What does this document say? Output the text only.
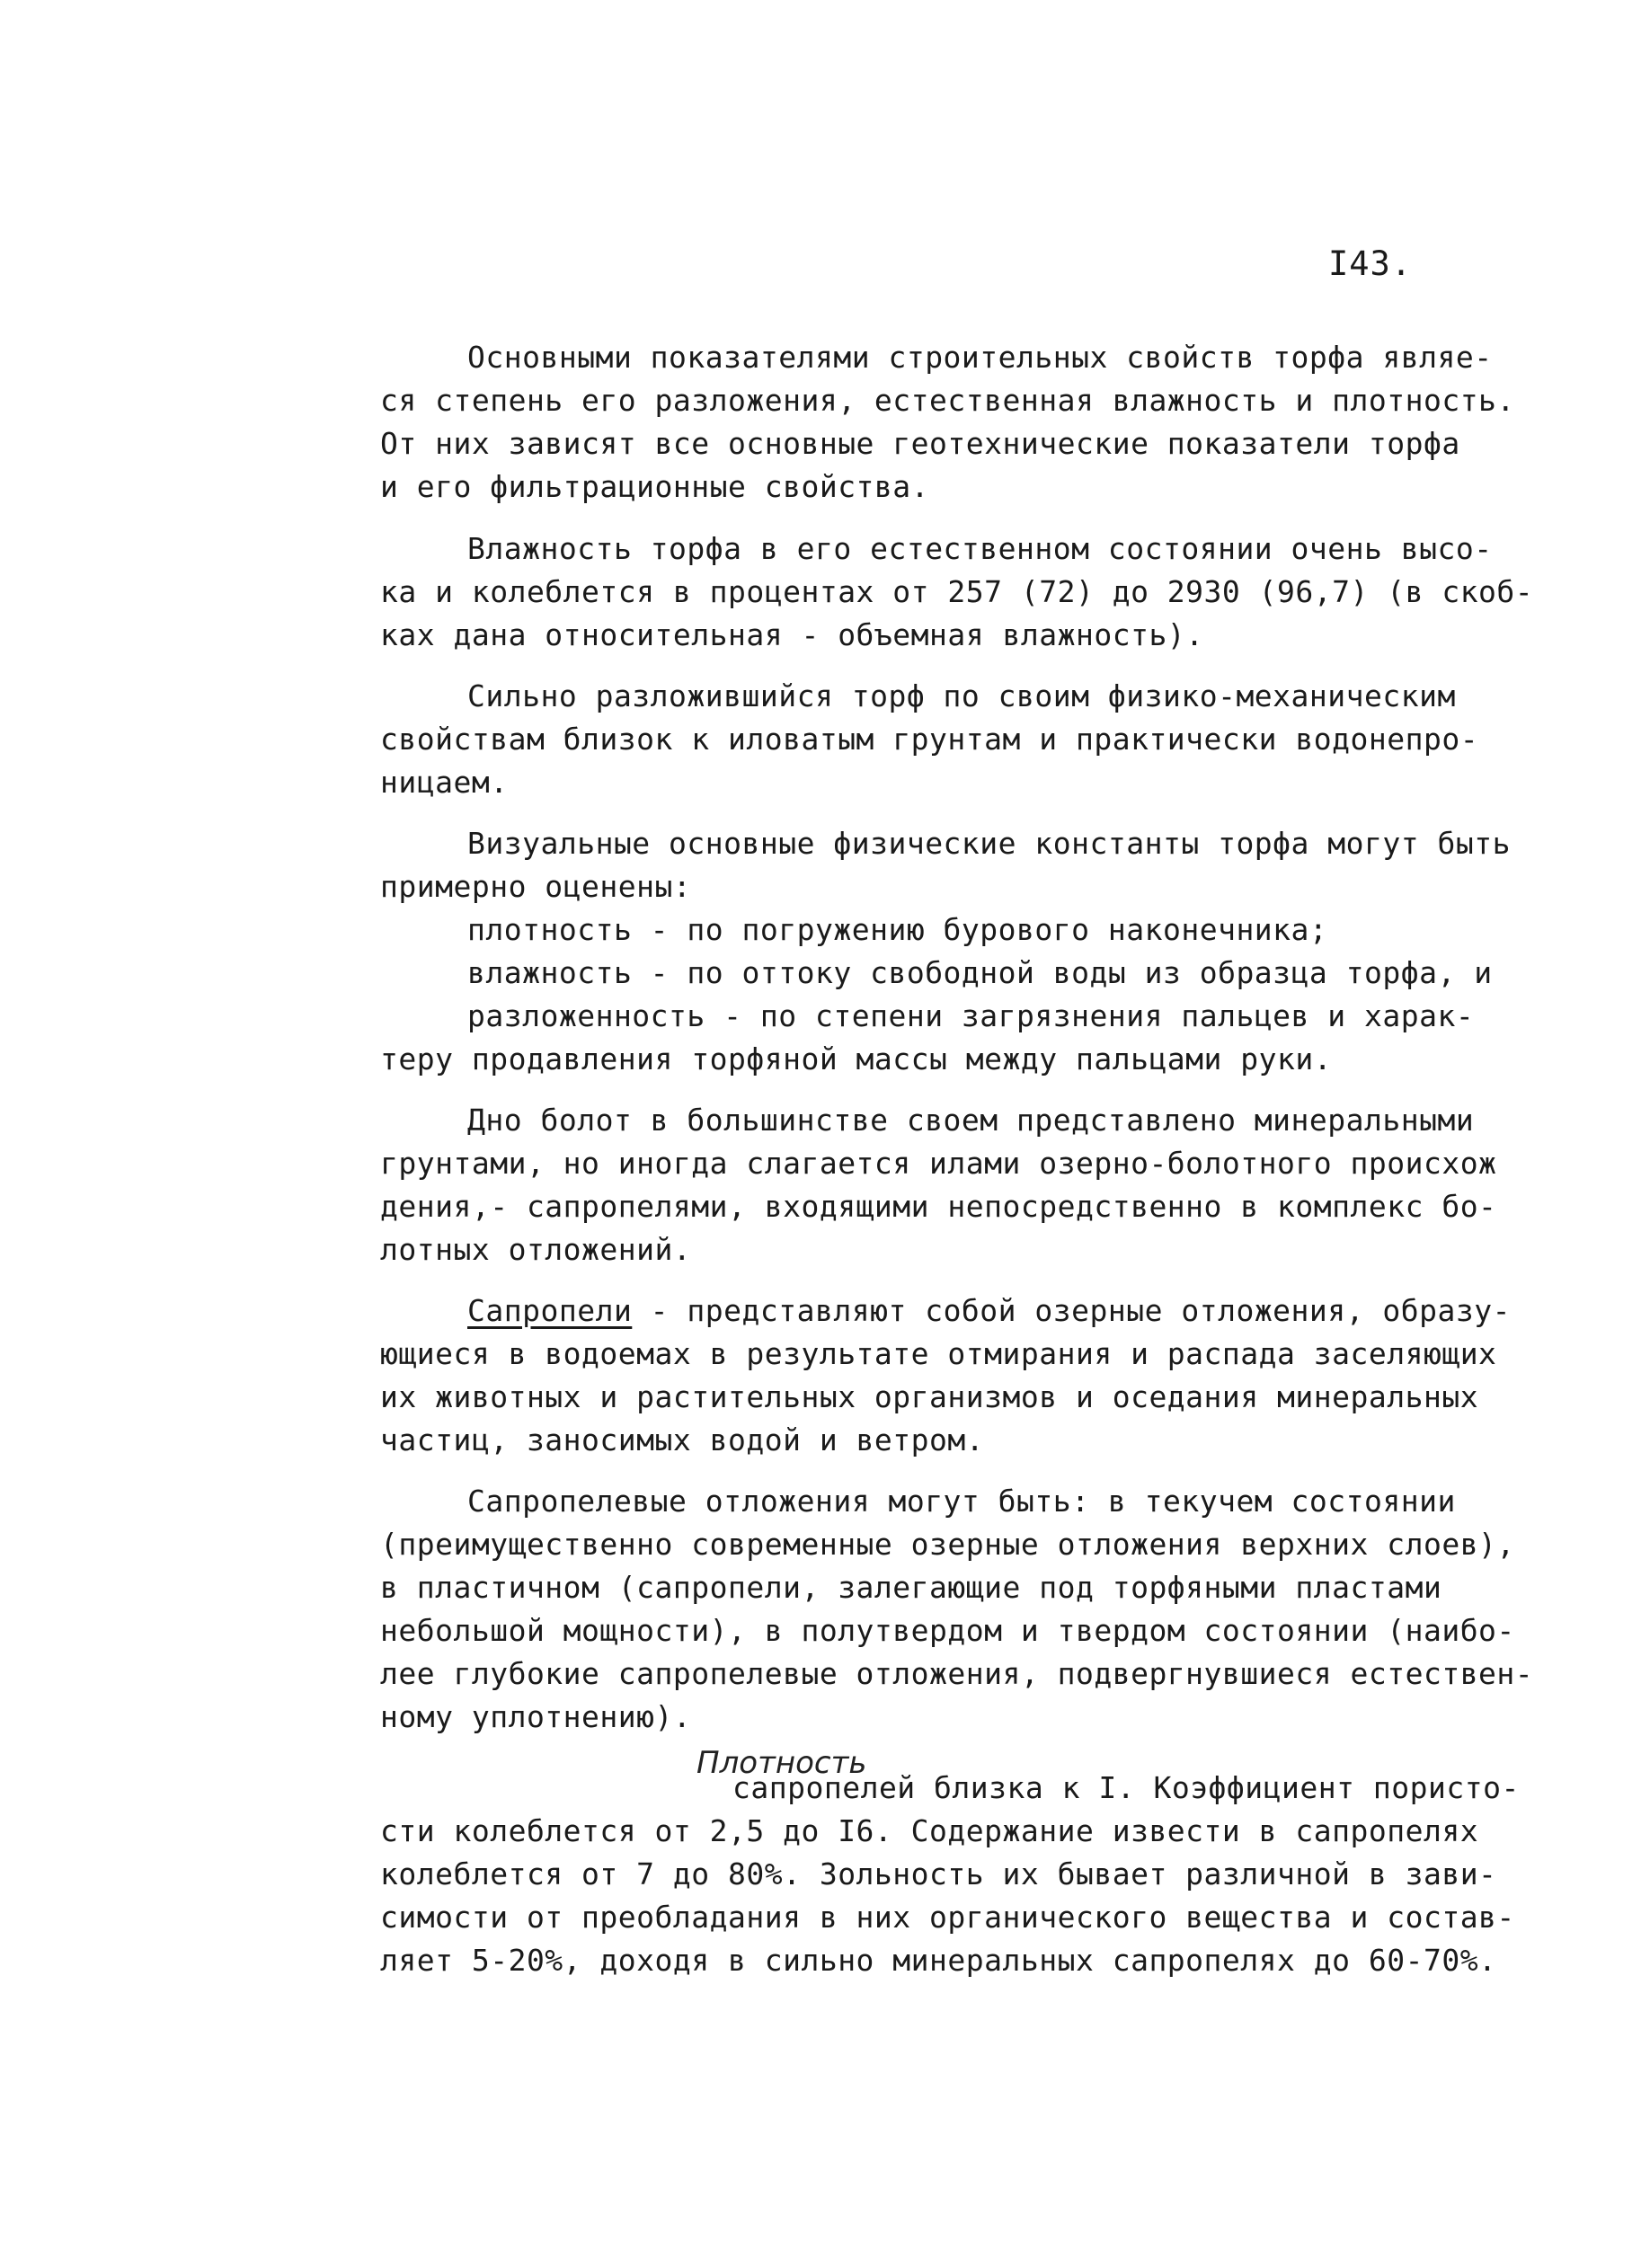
I43.
Основными показателями строительных свойств торфа являе-
ся степень его разложения, естественная влажность и плотность.
От них зависят все основные геотехнические показатели торфа
и его фильтрационные свойства.
Влажность торфа в его естественном состоянии очень высо-
ка и колеблется в процентах от 257 (72) до 2930 (96,7) (в скоб-
ках дана относительная - объемная влажность).
Сильно разложившийся торф по своим физико-механическим
свойствам близок к иловатым грунтам и практически водонепро-
ницаем.
Визуальные основные физические константы торфа могут быть
примерно оценены:
плотность - по погружению бурового наконечника;
влажность - по оттоку свободной воды из образца торфа, и
разложенность - по степени загрязнения пальцев и харак-
теру продавления торфяной массы между пальцами руки.
Дно болот в большинстве своем представлено минеральными
грунтами, но иногда слагается илами озерно-болотного происхож
дения,- сапропелями, входящими непосредственно в комплекс бо-
лотных отложений.
Сапропели - представляют собой озерные отложения, образу-
ющиеся в водоемах в результате отмирания и распада заселяющих
их животных и растительных организмов и оседания минеральных
частиц, заносимых водой и ветром.
Сапропелевые отложения могут быть: в текучем состоянии
(преимущественно современные озерные отложения верхних слоев),
в пластичном (сапропели, залегающие под торфяными пластами
небольшой мощности), в полутвердом и твердом состоянии (наибо-
лее глубокие сапропелевые отложения, подвергнувшиеся естествен-
ному уплотнению).
Плотность
сапропелей близка к I. Коэффициент пористо-
сти колеблется от 2,5 до I6. Содержание извести в сапропелях
колеблется от 7 до 80%. Зольность их бывает различной в зави-
симости от преобладания в них органического вещества и состав-
ляет 5-20%, доходя в сильно минеральных сапропелях до 60-70%.
